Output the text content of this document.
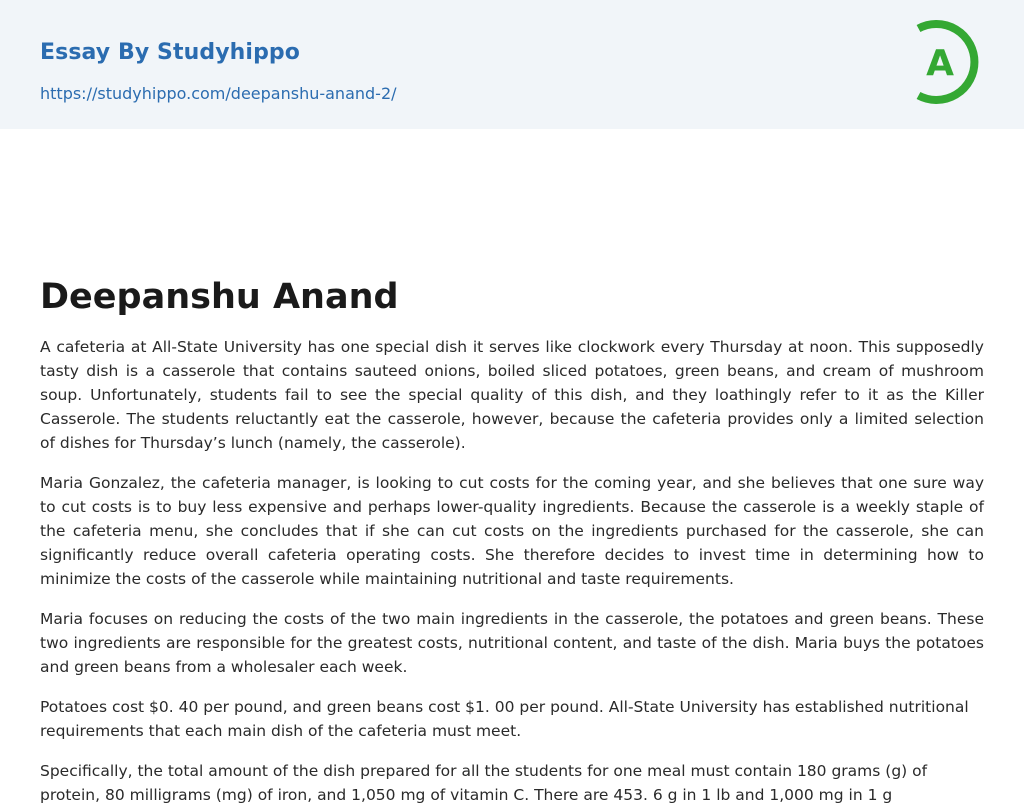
Essay By Studyhippo
https://studyhippo.com/deepanshu-anand-2/
A
Deepanshu Anand

A cafeteria at All-State University has one special dish it serves like clockwork every Thursday at noon. This supposedly tasty dish is a casserole that contains sauteed onions, boiled sliced potatoes, green beans, and cream of mushroom soup. Unfortunately, students fail to see the special quality of this dish, and they loathingly refer to it as the Killer Casserole. The students reluctantly eat the casserole, however, because the cafeteria provides only a limited selection of dishes for Thursday’s lunch (namely, the casserole).

Maria Gonzalez, the cafeteria manager, is looking to cut costs for the coming year, and she believes that one sure way to cut costs is to buy less expensive and perhaps lower-quality ingredients. Because the casserole is a weekly staple of the cafeteria menu, she concludes that if she can cut costs on the ingredients purchased for the casserole, she can significantly reduce overall cafeteria operating costs. She therefore decides to invest time in determining how to minimize the costs of the casserole while maintaining nutritional and taste requirements.

Maria focuses on reducing the costs of the two main ingredients in the casserole, the potatoes and green beans. These two ingredients are responsible for the greatest costs, nutritional content, and taste of the dish. Maria buys the potatoes and green beans from a wholesaler each week.

Potatoes cost $0. 40 per pound, and green beans cost $1. 00 per pound. All-State University has established nutritional requirements that each main dish of the cafeteria must meet.

Specifically, the total amount of the dish prepared for all the students for one meal must contain 180 grams (g) of protein, 80 milligrams (mg) of iron, and 1,050 mg of vitamin C. There are 453. 6 g in 1 lb and 1,000 mg in 1 g
